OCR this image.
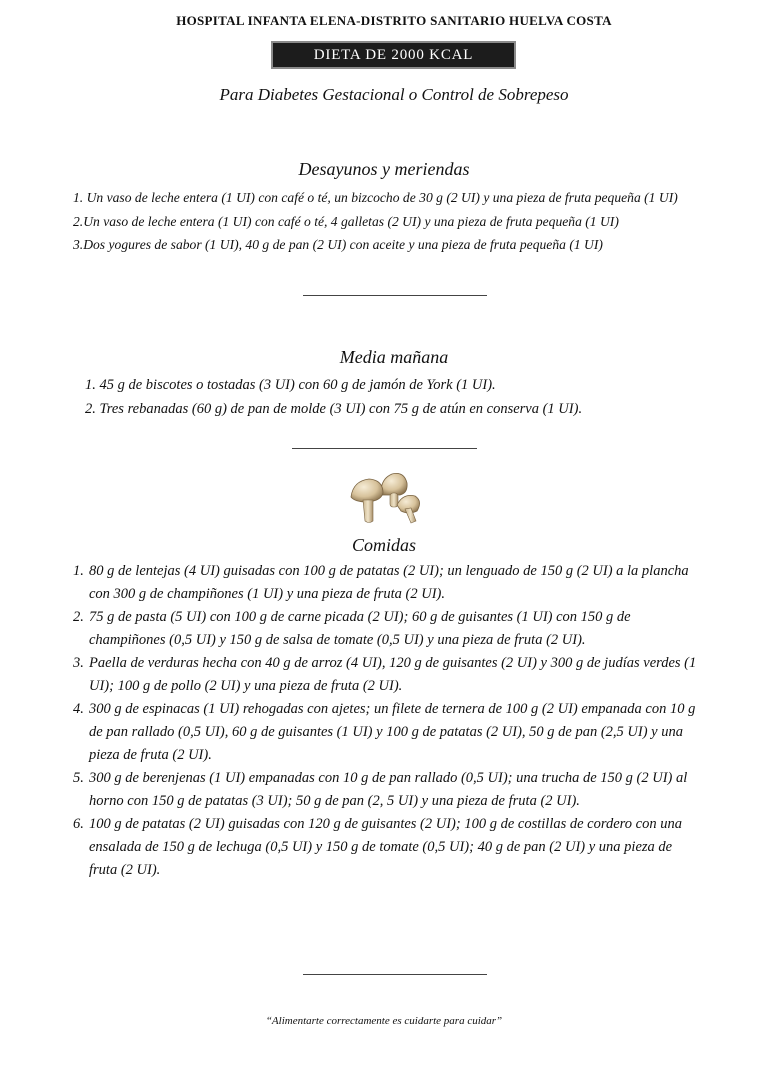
HOSPITAL INFANTA ELENA-DISTRITO SANITARIO HUELVA COSTA
DIETA DE 2000 KCAL
Para Diabetes Gestacional o Control de Sobrepeso
Desayunos y meriendas
1. Un vaso de leche entera (1 UI) con café o té, un bizcocho de 30 g (2 UI) y una pieza de fruta pequeña (1 UI)
2.Un vaso de leche entera (1 UI) con café o té, 4 galletas (2 UI) y una pieza de fruta pequeña (1 UI)
3.Dos yogures de sabor (1 UI), 40 g de pan (2 UI) con aceite y una pieza de fruta pequeña (1 UI)
Media mañana
1. 45 g de biscotes o tostadas (3 UI) con 60 g de jamón de York (1 UI).
2. Tres rebanadas (60 g) de pan de molde (3 UI) con 75 g de atún en conserva (1 UI).
Comidas
1. 80 g de lentejas (4 UI) guisadas con 100 g de patatas (2 UI); un lenguado de 150 g (2 UI) a la plancha con 300 g de champiñones (1 UI) y una pieza de fruta (2 UI).
2. 75 g de pasta (5 UI) con 100 g de carne picada (2 UI); 60 g de guisantes (1 UI) con 150 g de champiñones (0,5 UI) y 150 g de salsa de tomate (0,5 UI) y una pieza de fruta (2 UI).
3. Paella de verduras hecha con 40 g de arroz (4 UI), 120 g de guisantes (2 UI) y 300 g de judías verdes (1 UI); 100 g de pollo (2 UI) y una pieza de fruta (2 UI).
4. 300 g de espinacas (1 UI) rehogadas con ajetes; un filete de ternera de 100 g (2 UI) empanada con 10 g de pan rallado (0,5 UI), 60 g de guisantes (1 UI) y 100 g de patatas (2 UI), 50 g de pan (2,5 UI) y una pieza de fruta (2 UI).
5. 300 g de berenjenas (1 UI) empanadas con 10 g de pan rallado (0,5 UI); una trucha de 150 g (2 UI) al horno con 150 g de patatas (3 UI); 50 g de pan (2, 5 UI) y una pieza de fruta (2 UI).
6. 100 g de patatas (2 UI) guisadas con 120 g de guisantes (2 UI); 100 g de costillas de cordero con una ensalada de 150 g de lechuga (0,5 UI) y 150 g de tomate (0,5 UI); 40 g de pan (2 UI) y una pieza de fruta (2 UI).
“Alimentarte correctamente es cuidarte para cuidar”
